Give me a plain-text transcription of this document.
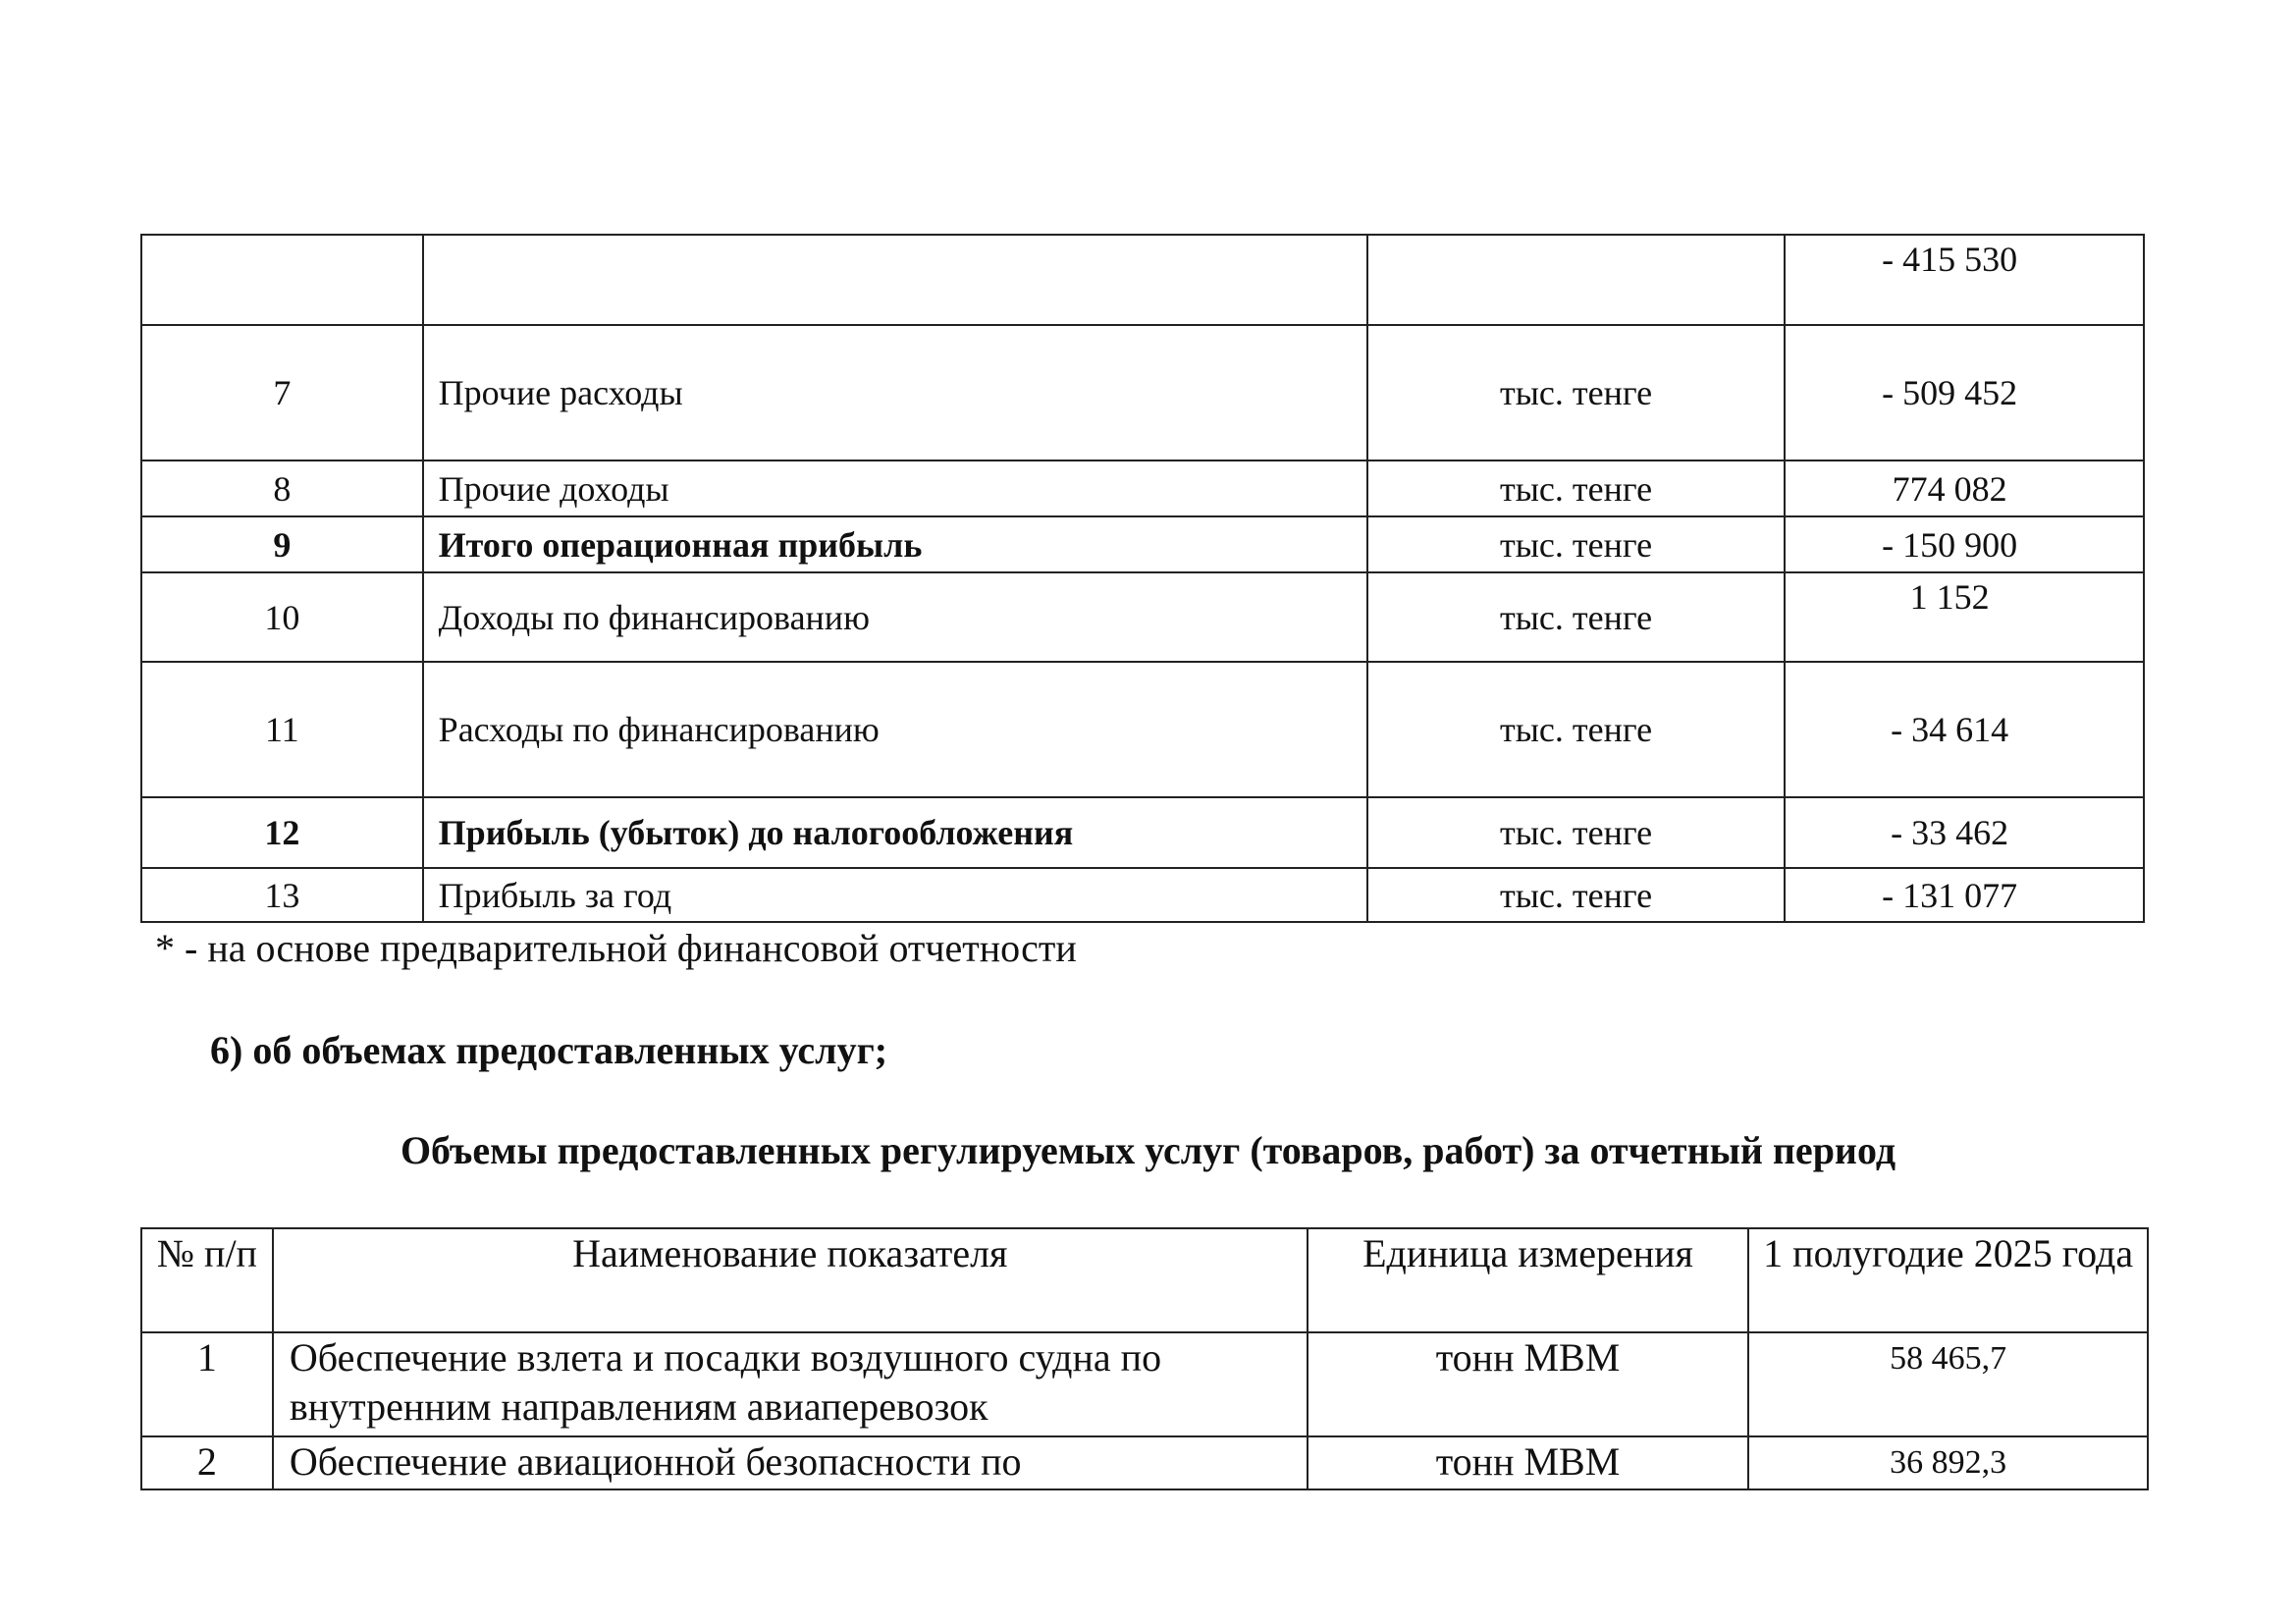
			- 415 530
7	Прочие расходы	тыс. тенге	- 509 452
8	Прочие доходы	тыс. тенге	774 082
9	Итого операционная прибыль	тыс. тенге	- 150 900
10	Доходы по финансированию	тыс. тенге	1 152
11	Расходы по финансированию	тыс. тенге	- 34 614
12	Прибыль (убыток) до налогообложения	тыс. тенге	- 33 462
13	Прибыль за год	тыс. тенге	- 131 077
* - на основе предварительной финансовой отчетности
6) об объемах предоставленных услуг;
Объемы предоставленных регулируемых услуг (товаров, работ) за отчетный период
№ п/п	Наименование показателя	Единица измерения	1 полугодие 2025 года
1	Обеспечение взлета и посадки воздушного судна по внутренним направлениям авиаперевозок	тонн МВМ	58 465,7
2	Обеспечение авиационной безопасности по	тонн МВМ	36 892,3
